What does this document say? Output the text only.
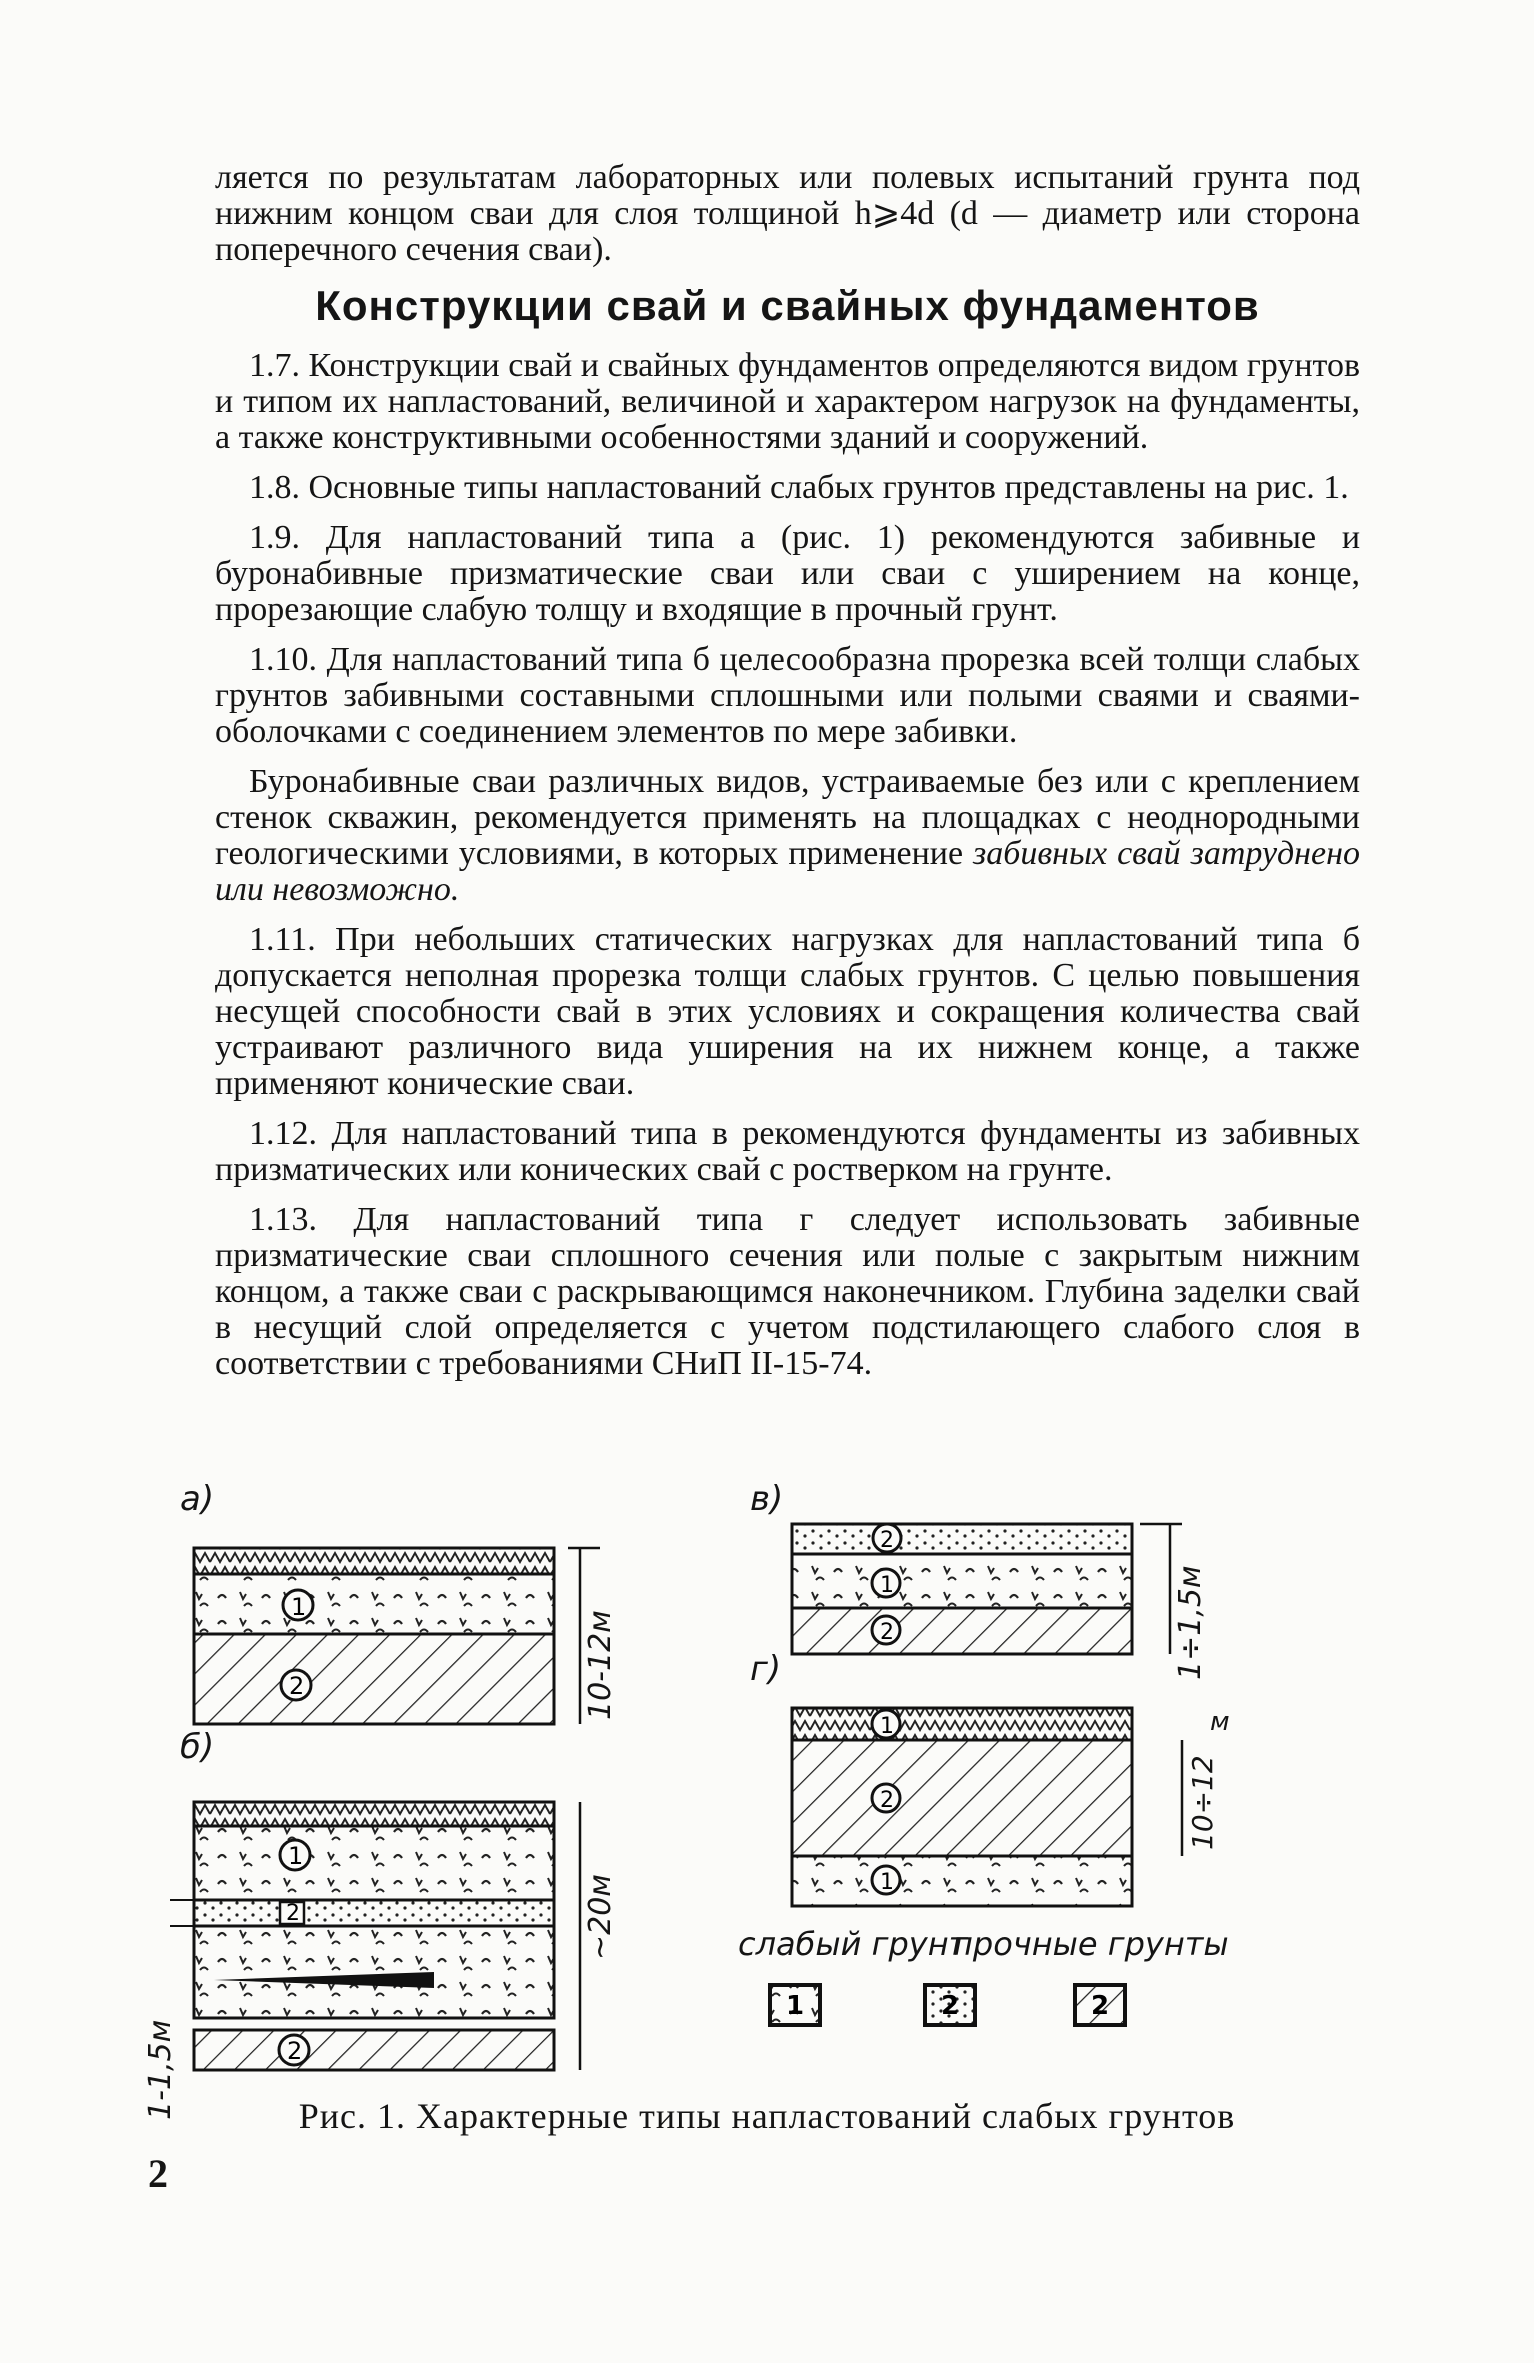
ляется по результатам лабораторных или полевых испытаний грунта под нижним концом сваи для слоя толщиной h⩾4d (d — диаметр или сторона поперечного сечения сваи).

Конструкции свай и свайных фундаментов

1.7. Конструкции свай и свайных фундаментов определяются видом грунтов и типом их напластований, величиной и характером нагрузок на фундаменты, а также конструктивными особенностями зданий и сооружений.

1.8. Основные типы напластований слабых грунтов представлены на рис. 1.

1.9. Для напластований типа а (рис. 1) рекомендуются забивные и буронабивные призматические сваи или сваи с уширением на конце, прорезающие слабую толщу и входящие в прочный грунт.

1.10. Для напластований типа б целесообразна прорезка всей толщи слабых грунтов забивными составными сплошными или полыми сваями и сваями-оболочками с соединением элементов по мере забивки.

Буронабивные сваи различных видов, устраиваемые без или с креплением стенок скважин, рекомендуется применять на площадках с неоднородными геологическими условиями, в которых применение забивных свай затруднено или невозможно.

1.11. При небольших статических нагрузках для напластований типа б допускается неполная прорезка толщи слабых грунтов. С целью повышения несущей способности свай в этих условиях и сокращения количества свай устраивают различного вида уширения на их нижнем конце, а также применяют конические сваи.

1.12. Для напластований типа в рекомендуются фундаменты из забивных призматических или конических свай с ростверком на грунте.

1.13. Для напластований типа г следует использовать забивные призматические сваи сплошного сечения или полые с закрытым нижним концом, а также сваи с раскрывающимся наконечником. Глубина заделки свай в несущий слой определяется с учетом подстилающего слабого слоя в соответствии с требованиями СНиП II-15-74.

а)
б)
в)
г)
10-12м
~20м
1-1,5м
1÷1,5м
м
10÷12
слабый грунт
прочные грунты
1
2
1
2
2
2
1
2
1
2
1
1	2	2
Рис. 1. Характерные типы напластований слабых грунтов
2
